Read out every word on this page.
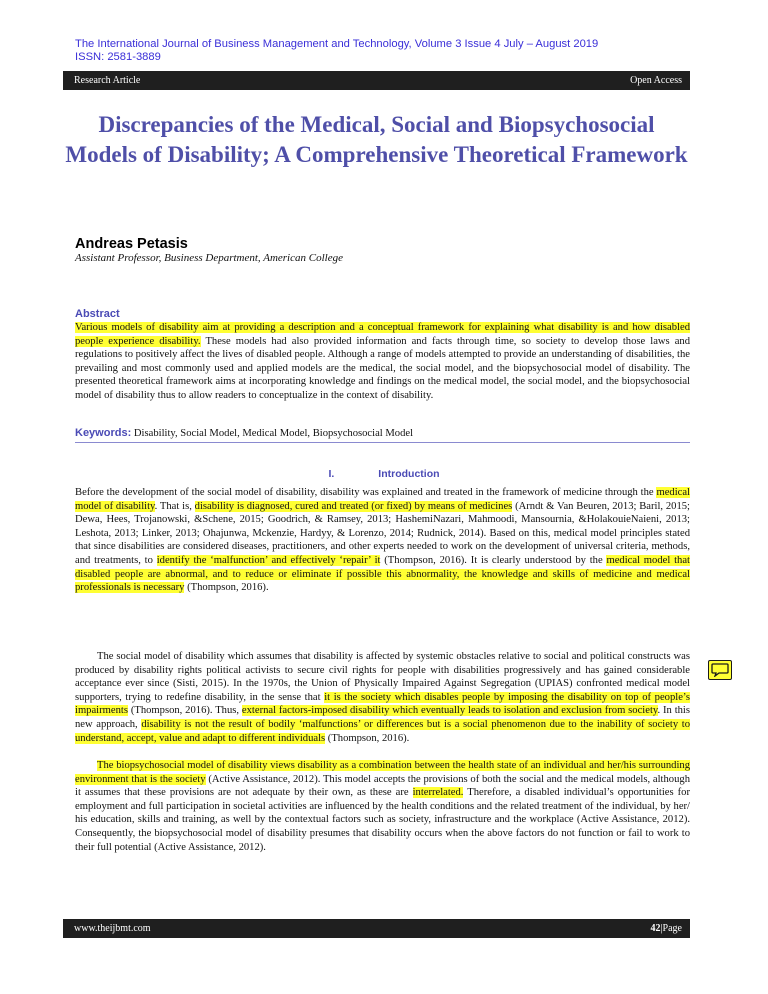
The International Journal of Business Management and Technology, Volume 3 Issue 4 July – August 2019
ISSN: 2581-3889
Research Article	Open Access
Discrepancies of the Medical, Social and Biopsychosocial Models of Disability; A Comprehensive Theoretical Framework
Andreas Petasis
Assistant Professor, Business Department, American College
Abstract

Various models of disability aim at providing a description and a conceptual framework for explaining what disability is and how disabled people experience disability. These models had also provided information and facts through time, so society to develop those laws and regulations to positively affect the lives of disabled people. Although a range of models attempted to provide an understanding of disabilities, the prevailing and most commonly used and applied models are the medical, the social model, and the biopsychosocial model of disability. The presented theoretical framework aims at incorporating knowledge and findings on the medical model, the social model, and the biopsychosocial model of disability thus to allow readers to conceptualize in the context of disability.

Keywords: Disability, Social Model, Medical Model, Biopsychosocial Model
I.	Introduction

Before the development of the social model of disability, disability was explained and treated in the framework of medicine through the medical model of disability. That is, disability is diagnosed, cured and treated (or fixed) by means of medicines (Arndt & Van Beuren, 2013; Baril, 2015; Dewa, Hees, Trojanowski, &Schene, 2015; Goodrich, & Ramsey, 2013; HashemiNazari, Mahmoodi, Mansournia, &HolakouieNaieni, 2013; Leshota, 2013; Linker, 2013; Ohajunwa, Mckenzie, Hardyy, & Lorenzo, 2014; Rudnick, 2014). Based on this, medical model principles stated that since disabilities are considered diseases, practitioners, and other experts needed to work on the development of universal criteria, methods, and treatments, to identify the ‘malfunction’ and effectively ‘repair’ it (Thompson, 2016). It is clearly understood by the medical model that disabled people are abnormal, and to reduce or eliminate if possible this abnormality, the knowledge and skills of medicine and medical professionals is necessary (Thompson, 2016).

The social model of disability which assumes that disability is affected by systemic obstacles relative to social and political constructs was produced by disability rights political activists to secure civil rights for people with disabilities progressively and has gained considerable acceptance ever since (Sisti, 2015). In the 1970s, the Union of Physically Impaired Against Segregation (UPIAS) confronted medical model supporters, trying to redefine disability, in the sense that it is the society which disables people by imposing the disability on top of people’s impairments (Thompson, 2016). Thus, external factors-imposed disability which eventually leads to isolation and exclusion from society. In this new approach, disability is not the result of bodily ‘malfunctions’ or differences but is a social phenomenon due to the inability of society to understand, accept, value and adapt to different individuals (Thompson, 2016).

The biopsychosocial model of disability views disability as a combination between the health state of an individual and her/his surrounding environment that is the society (Active Assistance, 2012). This model accepts the provisions of both the social and the medical models, although it assumes that these provisions are not adequate by their own, as these are interrelated. Therefore, a disabled individual’s opportunities for employment and full participation in societal activities are influenced by the health conditions and the related treatment of the individual, by her/ his education, skills and training, as well by the contextual factors such as society, infrastructure and the workplace (Active Assistance, 2012). Consequently, the biopsychosocial model of disability presumes that disability occurs when the above factors do not function or fail to work to their full potential (Active Assistance, 2012).

www.theijbmt.com	42|Page
